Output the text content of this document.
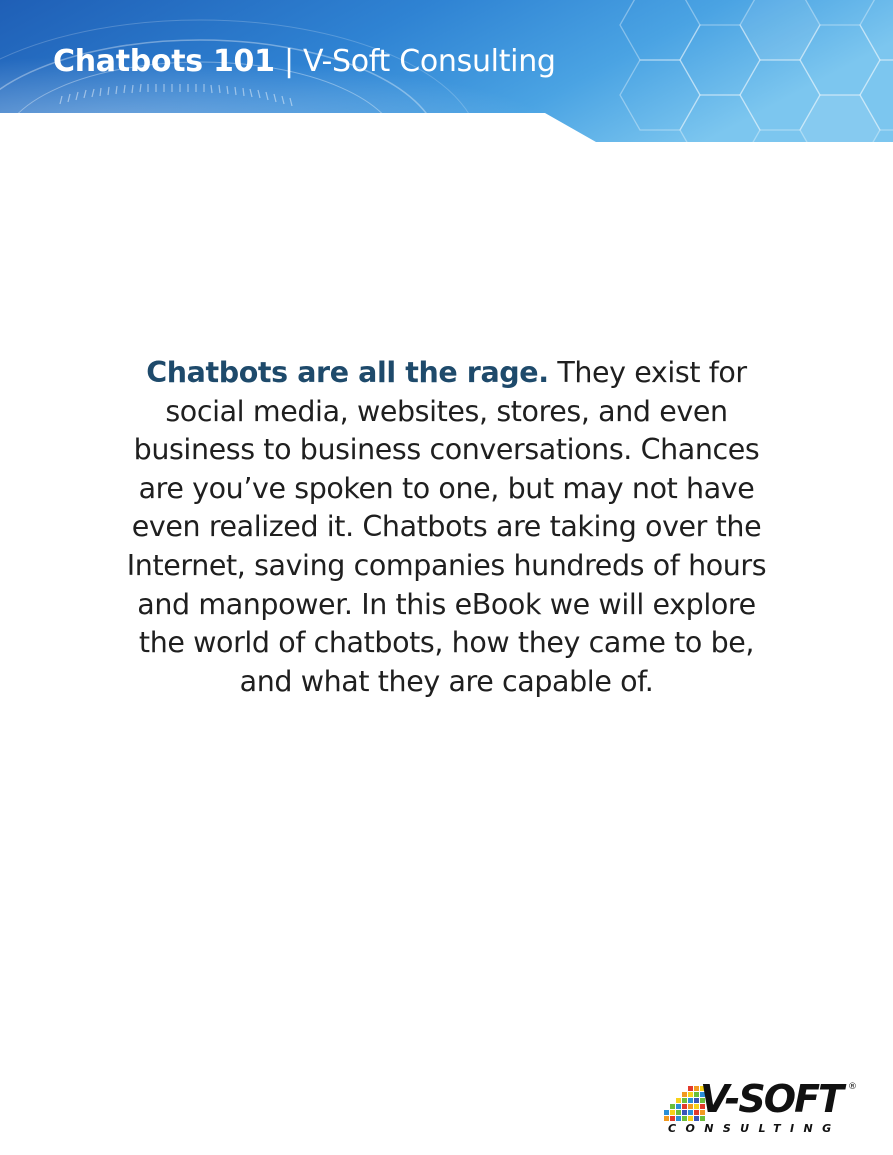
Chatbots 101 | V-Soft Consulting

Chatbots are all the rage. They exist for social media, websites, stores, and even business to business conversations. Chances are you’ve spoken to one, but may not have even realized it. Chatbots are taking over the Internet, saving companies hundreds of hours and manpower. In this eBook we will explore the world of chatbots, how they came to be, and what they are capable of.

V-SOFT ®
CONSULTING
